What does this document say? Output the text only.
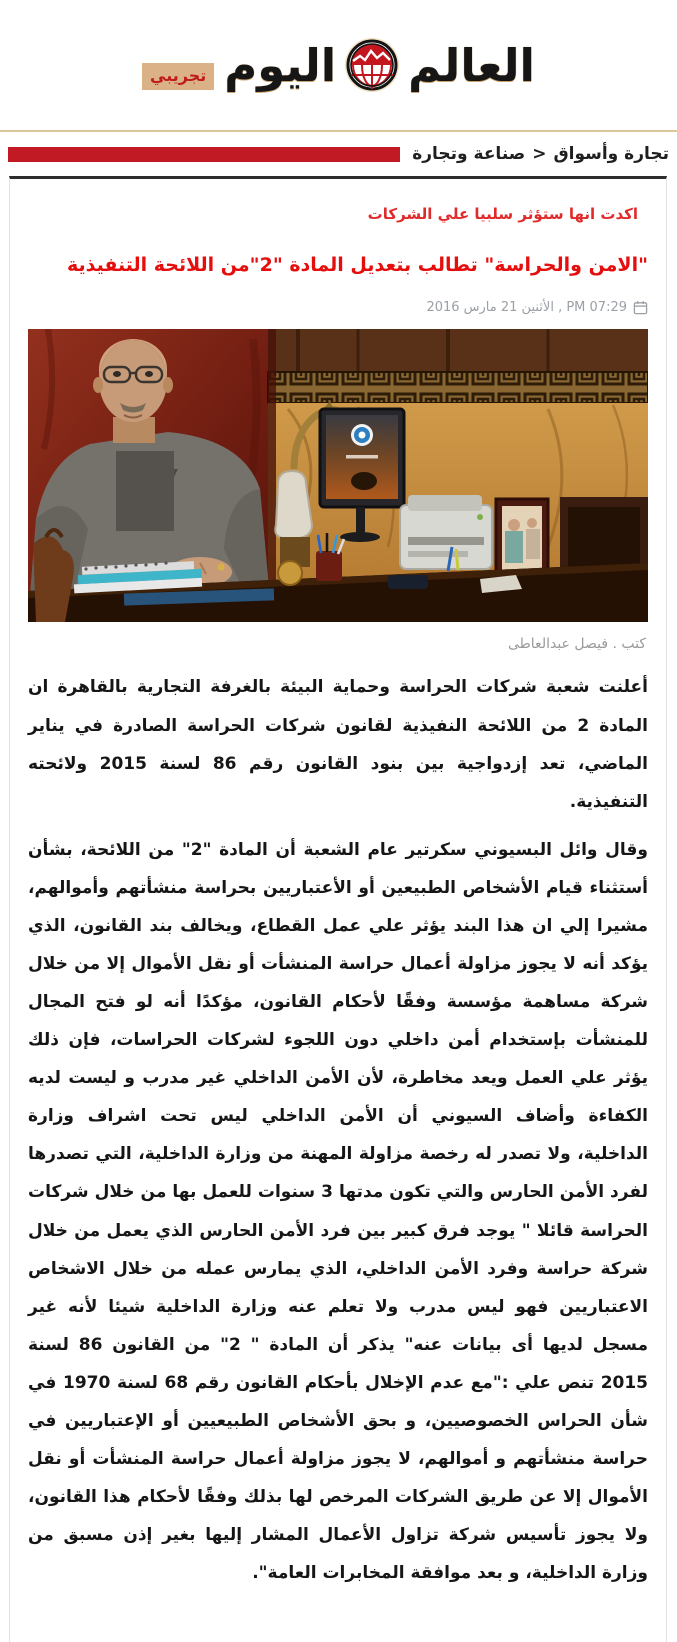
العالم
اليوم
تجريبي
تجارة وأسواق
>
صناعة وتجارة
اكدت انها ستؤثر سلبيا علي الشركات
"الامن والحراسة" تطالب بتعديل المادة "2"من اللائحة التنفيذية
PM 07:29 , الأثنين 21 مارس 2016
كتب . فيصل عبدالعاطى

أعلنت شعبة شركات الحراسة وحماية البيئة بالغرفة التجارية بالقاهرة ان المادة 2 من اللائحة النفيذية لقانون شركات الحراسة الصادرة في يناير الماضي، تعد إزدواجية بين بنود القانون رقم 86 لسنة 2015 ولائحته التنفيذية.

وقال وائل البسيوني سكرتير عام الشعبة أن المادة "2" من اللائحة، بشأن أستثناء قيام الأشخاص الطبيعين أو الأعتباريين بحراسة منشأتهم وأموالهم، مشيرا إلي ان هذا البند يؤثر علي عمل القطاع، ويخالف بند القانون، الذي يؤكد أنه لا يجوز مزاولة أعمال حراسة المنشأت أو نقل الأموال إلا من خلال شركة مساهمة مؤسسة وفقًا لأحكام القانون، مؤكدًا أنه لو فتح المجال للمنشأت بإستخدام أمن داخلي دون اللجوء لشركات الحراسات، فإن ذلك يؤثر علي العمل ويعد مخاطرة، لأن الأمن الداخلي غير مدرب و ليست لديه الكفاءة وأضاف السيوني أن الأمن الداخلي ليس تحت اشراف وزارة الداخلية، ولا تصدر له رخصة مزاولة المهنة من وزارة الداخلية، التي تصدرها لفرد الأمن الحارس والتي تكون مدتها 3 سنوات للعمل بها من خلال شركات الحراسة قائلا " يوجد فرق كبير بين فرد الأمن الحارس الذي يعمل من خلال شركة حراسة وفرد الأمن الداخلي، الذي يمارس عمله من خلال الاشخاص الاعتباريين فهو ليس مدرب ولا تعلم عنه وزارة الداخلية شيئا لأنه غير مسجل لديها أى بيانات عنه" يذكر أن المادة " 2" من القانون 86 لسنة 2015 تنص علي :"مع عدم الإخلال بأحكام القانون رقم 68 لسنة 1970 في شأن الحراس الخصوصيين، و بحق الأشخاص الطبيعيين أو الإعتباريين في حراسة منشأتهم و أموالهم، لا يجوز مزاولة أعمال حراسة المنشأت أو نقل الأموال إلا عن طريق الشركات المرخص لها بذلك وفقًا لأحكام هذا القانون، ولا يجوز تأسيس شركة تزاول الأعمال المشار إليها بغير إذن مسبق من وزارة الداخلية، و بعد موافقة المخابرات العامة".
